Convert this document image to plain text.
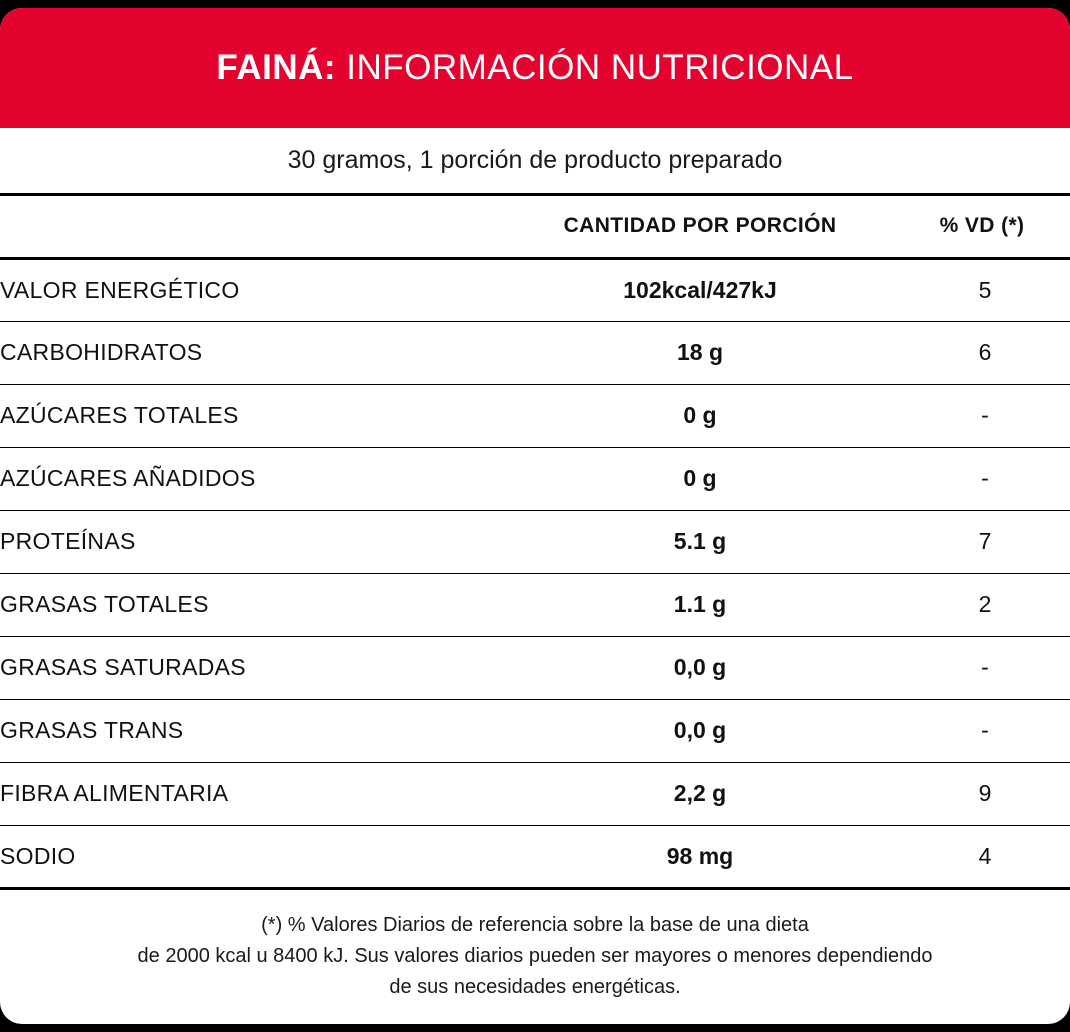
FAINÁ: INFORMACIÓN NUTRICIONAL
30 gramos, 1 porción de producto preparado
	CANTIDAD POR PORCIÓN	% VD (*)
VALOR ENERGÉTICO	102kcal/427kJ	5
CARBOHIDRATOS	18 g	6
AZÚCARES TOTALES	0 g	-
AZÚCARES AÑADIDOS	0 g	-
PROTEÍNAS	5.1 g	7
GRASAS TOTALES	1.1 g	2
GRASAS SATURADAS	0,0 g	-
GRASAS TRANS	0,0 g	-
FIBRA ALIMENTARIA	2,2 g	9
SODIO	98 mg	4
(*) % Valores Diarios de referencia sobre la base de una dieta
de 2000 kcal u 8400 kJ. Sus valores diarios pueden ser mayores o menores dependiendo
de sus necesidades energéticas.
